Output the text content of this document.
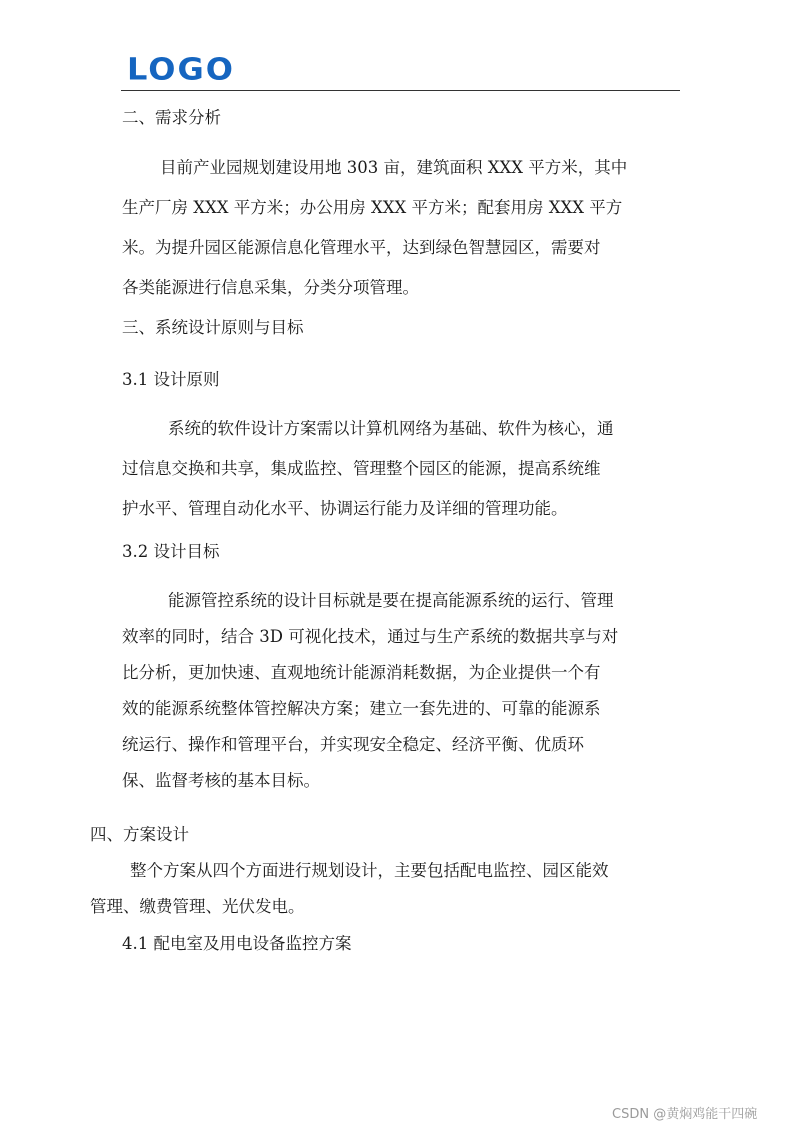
LOGO
二、需求分析
目前产业园规划建设用地 303 亩，建筑面积 XXX 平方米，其中
生产厂房 XXX 平方米；办公用房 XXX 平方米；配套用房 XXX 平方
米。为提升园区能源信息化管理水平，达到绿色智慧园区，需要对
各类能源进行信息采集，分类分项管理。
三、系统设计原则与目标
3.1 设计原则
系统的软件设计方案需以计算机网络为基础、软件为核心，通
过信息交换和共享，集成监控、管理整个园区的能源，提高系统维
护水平、管理自动化水平、协调运行能力及详细的管理功能。
3.2 设计目标
能源管控系统的设计目标就是要在提高能源系统的运行、管理
效率的同时，结合 3D 可视化技术，通过与生产系统的数据共享与对
比分析，更加快速、直观地统计能源消耗数据，为企业提供一个有
效的能源系统整体管控解决方案；建立一套先进的、可靠的能源系
统运行、操作和管理平台，并实现安全稳定、经济平衡、优质环
保、监督考核的基本目标。
四、方案设计
整个方案从四个方面进行规划设计，主要包括配电监控、园区能效
管理、缴费管理、光伏发电。
4.1 配电室及用电设备监控方案
CSDN @黄焖鸡能干四碗
